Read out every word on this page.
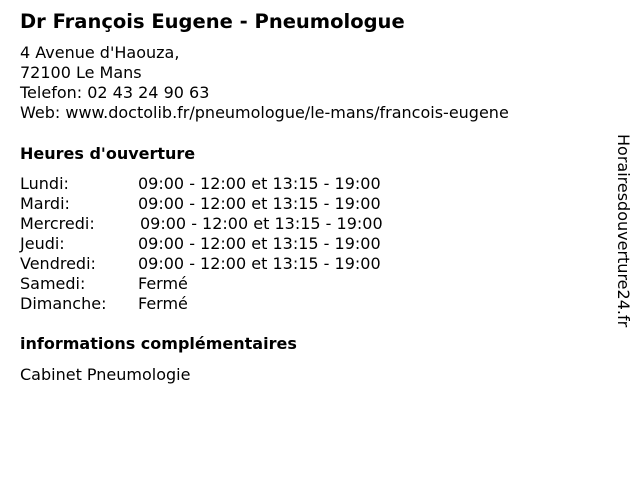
Dr François Eugene - Pneumologue
4 Avenue d'Haouza,
72100 Le Mans
Telefon: 02 43 24 90 63
Web: www.doctolib.fr/pneumologue/le-mans/francois-eugene
Heures d'ouverture
Lundi:	09:00 - 12:00 et 13:15 - 19:00
Mardi:	09:00 - 12:00 et 13:15 - 19:00
Mercredi:	09:00 - 12:00 et 13:15 - 19:00
Jeudi:	09:00 - 12:00 et 13:15 - 19:00
Vendredi:	09:00 - 12:00 et 13:15 - 19:00
Samedi:	Fermé
Dimanche: Fermé
informations complémentaires
Cabinet Pneumologie
Horairesdouverture24.fr
